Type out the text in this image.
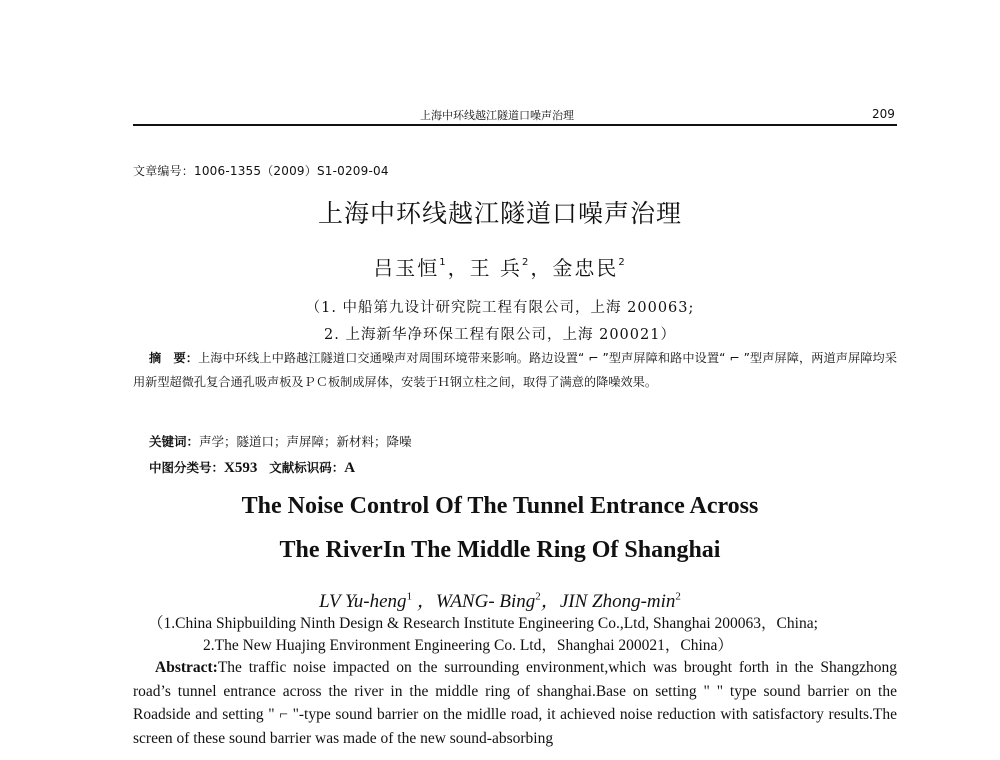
上海中环线越江隧道口噪声治理	209
文章编号：1006-1355（2009）S1-0209-04
上海中环线越江隧道口噪声治理
吕玉恒$^1$，王 兵$^2$，金忠民$^2$
（1. 中船第九设计研究院工程有限公司，上海 200063;
2. 上海新华净环保工程有限公司，上海 200021）
摘　要：上海中环线上中路越江隧道口交通噪声对周围环境带来影响。路边设置“ ⌐ ”型声屏障和路中设置“ ⌐ ”型声屏障，两道声屏障均采用新型超微孔复合通孔吸声板及ＰＣ板制成屏体，安装于Ｈ钢立柱之间，取得了满意的降噪效果。
关键词：声学；隧道口；声屏障；新材料；降噪
中图分类号：X593 文献标识码：A
The Noise Control Of The Tunnel Entrance Across
The RiverIn The Middle Ring Of Shanghai
LV Yu-heng$^1$ ，WANG- Bing$^2$，JIN Zhong-$\min^2$
（1.China Shipbuilding Ninth Design & Research Institute Engineering Co.,Ltd, Shanghai 200063，China;
2.The New Huajing Environment Engineering Co. Ltd，Shanghai 200021，China）
Abstract:The traffic noise impacted on the surrounding environment,which was brought forth in the Shangzhong road’s tunnel entrance across the river in the middle ring of shanghai.Base on setting " " type sound barrier on the Roadside and setting " ⌐ "-type sound barrier on the midlle road, it achieved noise reduction with satisfactory results.The screen of these sound barrier was made of the new sound-absorbing
